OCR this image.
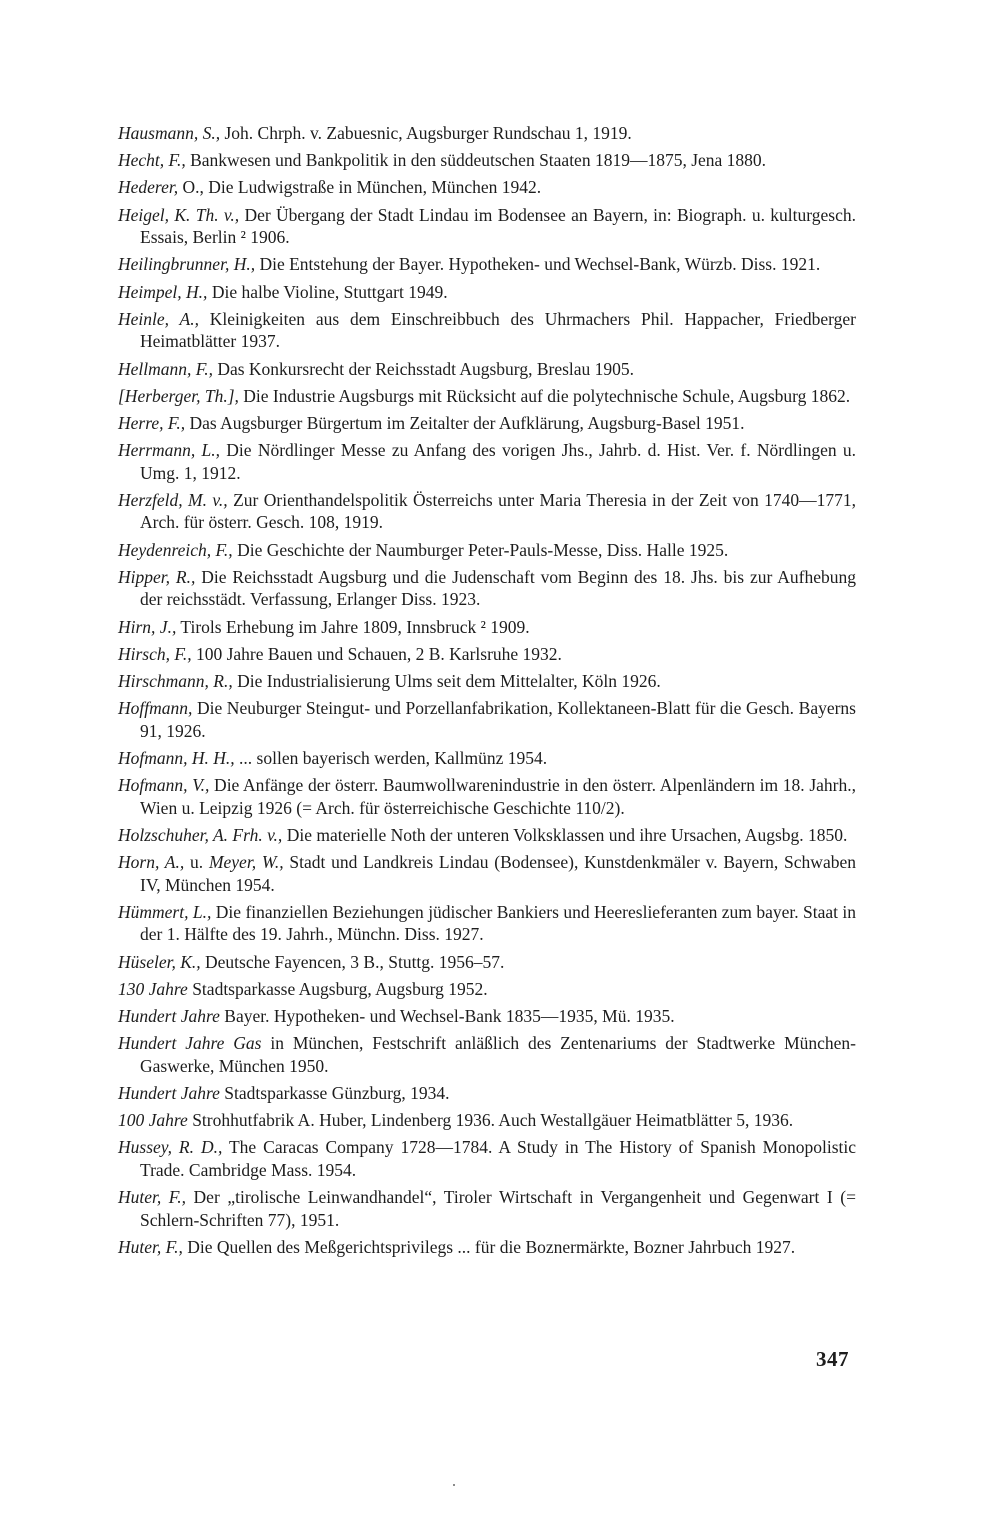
Hausmann, S., Joh. Chrph. v. Zabuesnic, Augsburger Rundschau 1, 1919.

Hecht, F., Bankwesen und Bankpolitik in den süddeutschen Staaten 1819—1875, Jena 1880.

Hederer, O., Die Ludwigstraße in München, München 1942.

Heigel, K. Th. v., Der Übergang der Stadt Lindau im Bodensee an Bayern, in: Biograph. u. kulturgesch. Essais, Berlin ² 1906.

Heilingbrunner, H., Die Entstehung der Bayer. Hypotheken- und Wechsel-Bank, Würzb. Diss. 1921.

Heimpel, H., Die halbe Violine, Stuttgart 1949.

Heinle, A., Kleinigkeiten aus dem Einschreibbuch des Uhrmachers Phil. Happacher, Friedberger Heimatblätter 1937.

Hellmann, F., Das Konkursrecht der Reichsstadt Augsburg, Breslau 1905.

[Herberger, Th.], Die Industrie Augsburgs mit Rücksicht auf die polytechnische Schule, Augsburg 1862.

Herre, F., Das Augsburger Bürgertum im Zeitalter der Aufklärung, Augsburg-Basel 1951.

Herrmann, L., Die Nördlinger Messe zu Anfang des vorigen Jhs., Jahrb. d. Hist. Ver. f. Nördlingen u. Umg. 1, 1912.

Herzfeld, M. v., Zur Orienthandelspolitik Österreichs unter Maria Theresia in der Zeit von 1740—1771, Arch. für österr. Gesch. 108, 1919.

Heydenreich, F., Die Geschichte der Naumburger Peter-Pauls-Messe, Diss. Halle 1925.

Hipper, R., Die Reichsstadt Augsburg und die Judenschaft vom Beginn des 18. Jhs. bis zur Aufhebung der reichsstädt. Verfassung, Erlanger Diss. 1923.

Hirn, J., Tirols Erhebung im Jahre 1809, Innsbruck ² 1909.

Hirsch, F., 100 Jahre Bauen und Schauen, 2 B. Karlsruhe 1932.

Hirschmann, R., Die Industrialisierung Ulms seit dem Mittelalter, Köln 1926.

Hoffmann, Die Neuburger Steingut- und Porzellanfabrikation, Kollektaneen-Blatt für die Gesch. Bayerns 91, 1926.

Hofmann, H. H., ... sollen bayerisch werden, Kallmünz 1954.

Hofmann, V., Die Anfänge der österr. Baumwollwarenindustrie in den österr. Alpenländern im 18. Jahrh., Wien u. Leipzig 1926 (= Arch. für österreichische Geschichte 110/2).

Holzschuher, A. Frh. v., Die materielle Noth der unteren Volksklassen und ihre Ursachen, Augsbg. 1850.

Horn, A., u. Meyer, W., Stadt und Landkreis Lindau (Bodensee), Kunstdenkmäler v. Bayern, Schwaben IV, München 1954.

Hümmert, L., Die finanziellen Beziehungen jüdischer Bankiers und Heereslieferanten zum bayer. Staat in der 1. Hälfte des 19. Jahrh., Münchn. Diss. 1927.

Hüseler, K., Deutsche Fayencen, 3 B., Stuttg. 1956–57.

130 Jahre Stadtsparkasse Augsburg, Augsburg 1952.

Hundert Jahre Bayer. Hypotheken- und Wechsel-Bank 1835—1935, Mü. 1935.

Hundert Jahre Gas in München, Festschrift anläßlich des Zentenariums der Stadtwerke München-Gaswerke, München 1950.

Hundert Jahre Stadtsparkasse Günzburg, 1934.

100 Jahre Strohhutfabrik A. Huber, Lindenberg 1936. Auch Westallgäuer Heimatblätter 5, 1936.

Hussey, R. D., The Caracas Company 1728—1784. A Study in The History of Spanish Monopolistic Trade. Cambridge Mass. 1954.

Huter, F., Der „tirolische Leinwandhandel“, Tiroler Wirtschaft in Vergangenheit und Gegenwart I (= Schlern-Schriften 77), 1951.

Huter, F., Die Quellen des Meßgerichtsprivilegs ... für die Boznermärkte, Bozner Jahrbuch 1927.

347
